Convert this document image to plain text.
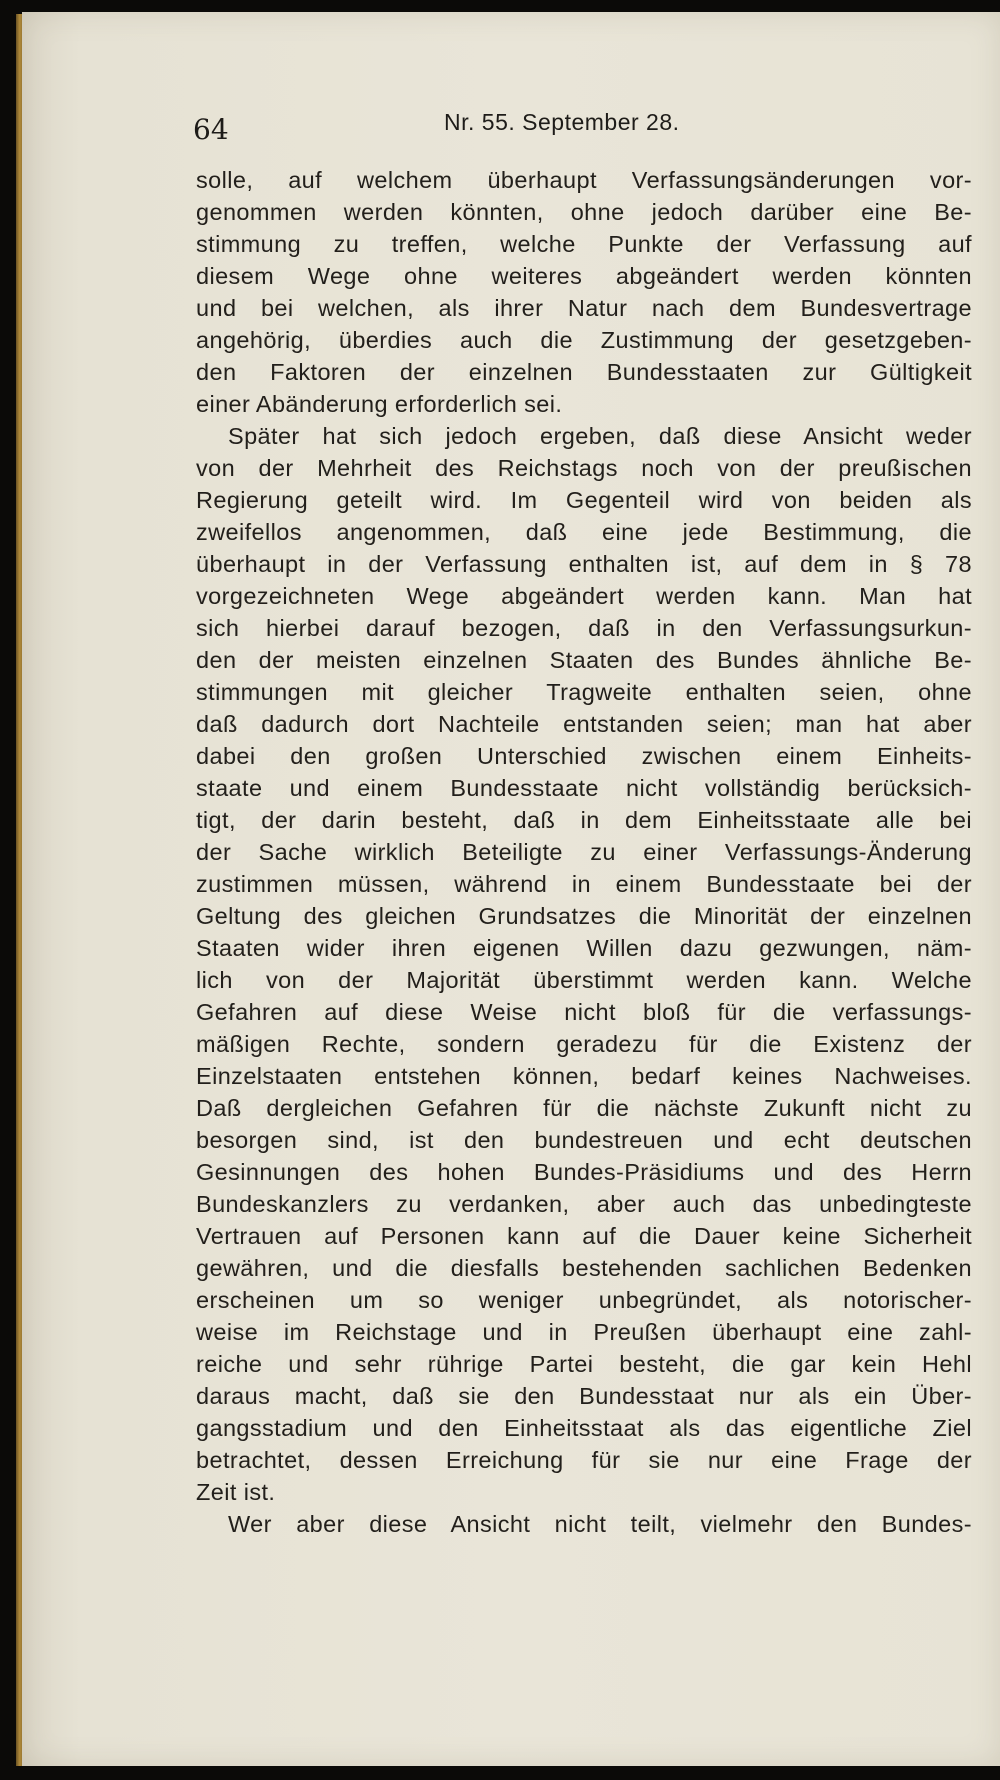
64	Nr. 55. September 28.
solle, auf welchem überhaupt Verfassungsänderungen vor-
genommen werden könnten, ohne jedoch darüber eine Be-
stimmung zu treffen, welche Punkte der Verfassung auf
diesem Wege ohne weiteres abgeändert werden könnten
und bei welchen, als ihrer Natur nach dem Bundesvertrage
angehörig, überdies auch die Zustimmung der gesetzgeben-
den Faktoren der einzelnen Bundesstaaten zur Gültigkeit
einer Abänderung erforderlich sei.
Später hat sich jedoch ergeben, daß diese Ansicht weder
von der Mehrheit des Reichstags noch von der preußischen
Regierung geteilt wird. Im Gegenteil wird von beiden als
zweifellos angenommen, daß eine jede Bestimmung, die
überhaupt in der Verfassung enthalten ist, auf dem in § 78
vorgezeichneten Wege abgeändert werden kann. Man hat
sich hierbei darauf bezogen, daß in den Verfassungsurkun-
den der meisten einzelnen Staaten des Bundes ähnliche Be-
stimmungen mit gleicher Tragweite enthalten seien, ohne
daß dadurch dort Nachteile entstanden seien; man hat aber
dabei den großen Unterschied zwischen einem Einheits-
staate und einem Bundesstaate nicht vollständig berücksich-
tigt, der darin besteht, daß in dem Einheitsstaate alle bei
der Sache wirklich Beteiligte zu einer Verfassungs-Änderung
zustimmen müssen, während in einem Bundesstaate bei der
Geltung des gleichen Grundsatzes die Minorität der einzelnen
Staaten wider ihren eigenen Willen dazu gezwungen, näm-
lich von der Majorität überstimmt werden kann. Welche
Gefahren auf diese Weise nicht bloß für die verfassungs-
mäßigen Rechte, sondern geradezu für die Existenz der
Einzelstaaten entstehen können, bedarf keines Nachweises.
Daß dergleichen Gefahren für die nächste Zukunft nicht zu
besorgen sind, ist den bundestreuen und echt deutschen
Gesinnungen des hohen Bundes-Präsidiums und des Herrn
Bundeskanzlers zu verdanken, aber auch das unbedingteste
Vertrauen auf Personen kann auf die Dauer keine Sicherheit
gewähren, und die diesfalls bestehenden sachlichen Bedenken
erscheinen um so weniger unbegründet, als notorischer-
weise im Reichstage und in Preußen überhaupt eine zahl-
reiche und sehr rührige Partei besteht, die gar kein Hehl
daraus macht, daß sie den Bundesstaat nur als ein Über-
gangsstadium und den Einheitsstaat als das eigentliche Ziel
betrachtet, dessen Erreichung für sie nur eine Frage der
Zeit ist.
Wer aber diese Ansicht nicht teilt, vielmehr den Bundes-
